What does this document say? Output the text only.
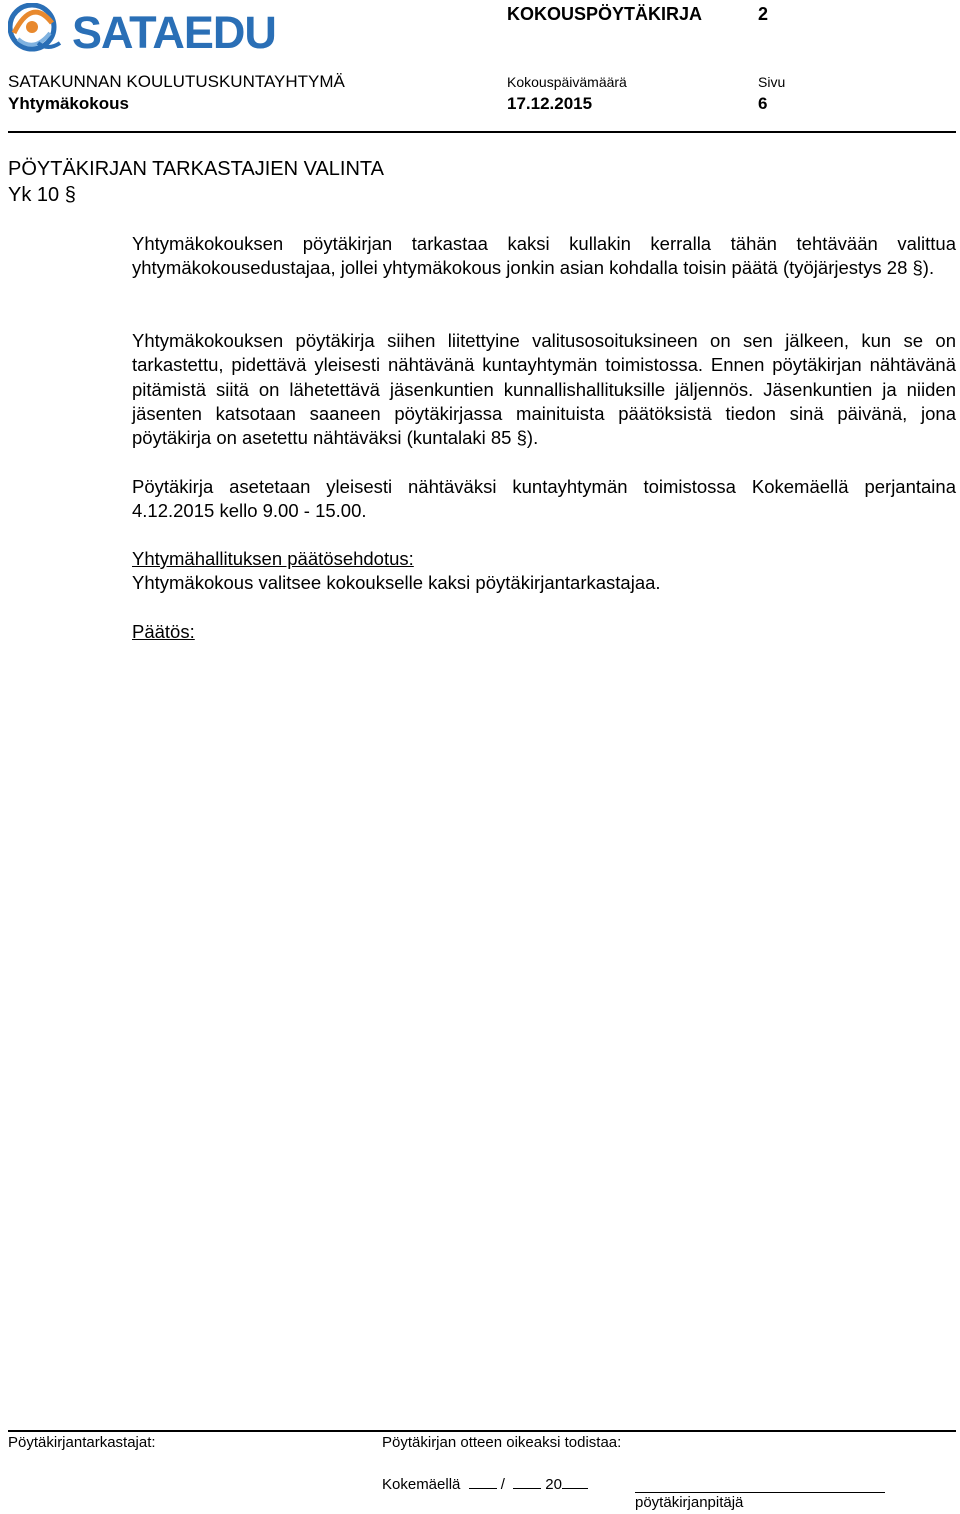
SATAEDU	KOKOUSPÖYTÄKIRJA	2
SATAKUNNAN KOULUTUSKUNTAYHTYMÄ	Kokouspäivämäärä	Sivu
Yhtymäkokous	17.12.2015	6
PÖYTÄKIRJAN TARKASTAJIEN VALINTA
Yk 10 §

Yhtymäkokouksen pöytäkirjan tarkastaa kaksi kullakin kerralla tähän tehtävään valittua yhtymäkokousedustajaa, jollei yhtymäkokous jonkin asian kohdalla toisin päätä (työjärjestys 28 §).

Yhtymäkokouksen pöytäkirja siihen liitettyine valitusosoituksineen on sen jälkeen, kun se on tarkastettu, pidettävä yleisesti nähtävänä kuntayhtymän toimistossa. Ennen pöytäkirjan nähtävänä pitämistä siitä on lähetettävä jäsenkuntien kunnallishallituksille jäljennös. Jäsenkuntien ja niiden jäsenten katsotaan saaneen pöytäkirjassa mainituista päätöksistä tiedon sinä päivänä, jona pöytäkirja on asetettu nähtäväksi (kuntalaki 85 §).

Pöytäkirja asetetaan yleisesti nähtäväksi kuntayhtymän toimistossa Kokemäellä perjantaina 4.12.2015 kello 9.00 - 15.00.

Yhtymähallituksen päätösehdotus:

Yhtymäkokous valitsee kokoukselle kaksi pöytäkirjantarkastajaa.

Päätös:

Pöytäkirjantarkastajat:	Pöytäkirjan otteen oikeaksi todistaa:
Kokemäellä	/	20
pöytäkirjanpitäjä
